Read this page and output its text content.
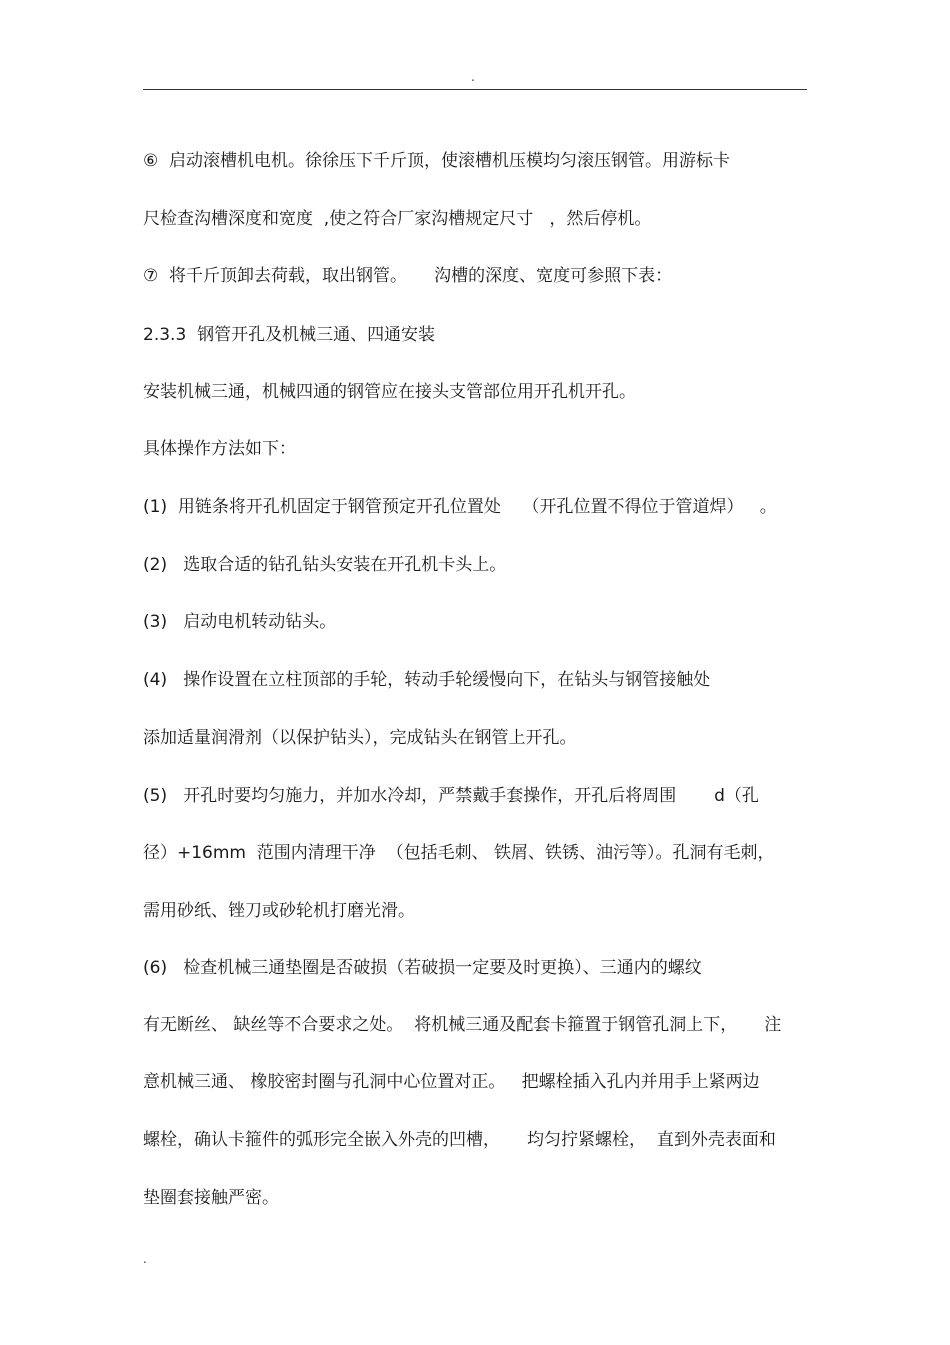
.
⑥  启动滚槽机电机。徐徐压下千斤顶，使滚槽机压模均匀滚压钢管。用游标卡
尺检查沟槽深度和宽度  ,使之符合厂家沟槽规定尺寸   ，然后停机。
⑦  将千斤顶卸去荷载，取出钢管。     沟槽的深度、宽度可参照下表：
2.3.3  钢管开孔及机械三通、四通安装
安装机械三通，机械四通的钢管应在接头支管部位用开孔机开孔。
具体操作方法如下：
(1)  用链条将开孔机固定于钢管预定开孔位置处    （开孔位置不得位于管道焊）   。
(2)   选取合适的钻孔钻头安装在开孔机卡头上。
(3)   启动电机转动钻头。
(4)   操作设置在立柱顶部的手轮，转动手轮缓慢向下，在钻头与钢管接触处
添加适量润滑剂（以保护钻头），完成钻头在钢管上开孔。
(5)   开孔时要均匀施力，并加水冷却，严禁戴手套操作，开孔后将周围       d（孔
径）+16mm  范围内清理干净  （包括毛刺、 铁屑、铁锈、油污等）。孔洞有毛刺，
需用砂纸、锉刀或砂轮机打磨光滑。
(6)   检查机械三通垫圈是否破损（若破损一定要及时更换）、三通内的螺纹
有无断丝、 缺丝等不合要求之处。  将机械三通及配套卡箍置于钢管孔洞上下，     注
意机械三通、 橡胶密封圈与孔洞中心位置对正。   把螺栓插入孔内并用手上紧两边
螺栓，确认卡箍件的弧形完全嵌入外壳的凹槽，     均匀拧紧螺栓，  直到外壳表面和
垫圈套接触严密。
.
